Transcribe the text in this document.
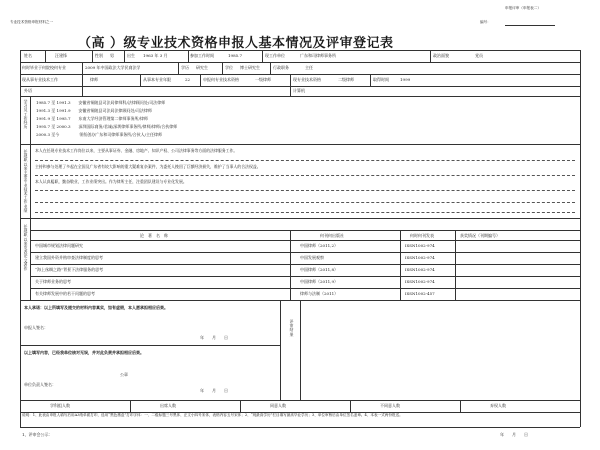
申报评审（申报表二）
专业技术资格申报材料之一	编号：
（高 ）级专业技术资格申报人基本情况及评审登记表
姓名	汪建锋	性别 男	出生 1963 年 3 月	参加工作时间	1985.7	现工作单位	广东和司律师事务所	政治面貌	党员
何时毕业于何院校何专业	2009 年中国政法大学民商法学	学历 研究生	学位 博士研究生	行政职务	主任
现从事专业技术工作	律师	从事本专业年限	22	申报何专业技术资格	一级律师	现专业技术资格	二级律师	取得时间	1999
外语	计算机
学习及工作经历
1985.7 至 1991.3　　安徽省铜陵县司法局律师科/法律顾问处/司法律师
1991.3 至 1991.9　　安徽省铜陵县司法局法律顾问处/司法律师
1991.9 至 1995.7　　东南大学经济管理第二律师事务所/律师
1995.7 至 2000.3　　深圳国际商务/君诚/深圳律师事务所/律师/律师/合伙律师
2000.3 至今　　　　　领衔创办广东和司律师事务所/合伙人/主任律师
任现职以来主要专业技术工作业绩
本人在任现专业技术工作岗位以来，主要从事证券、金融、房地产、知识产权、公司法律事务等方面的法律服务工作。
主持和参与处理了多起在全国及广东省有较大影响的重大疑难复杂案件，为委托人挽回了巨额经济损失，维护了当事人的合法权益。
本人认真履职，勤奋敬业，工作业绩突出。作为律所主任，注重团队建设与专业化发展。
任现职以来发表论文著作
论　著　名　称	何刊何出版社	何时何刊发表	获奖情况（刊期编号）
中国城市规划法律问题研究	中国律师（2011,2）	ISSN1002-974
建立我国外资并购审查法律制度的思考	中国发展观察	ISSN1002-974
“海上丝绸之路”背景下法律服务的思考	中国律师（2011,8）	ISSN1002-974
关于律师业务的思考	中国律师（2011,9）	ISSN1002-974
有关律师发展中的若干问题的思考	律师与法制（2011）	ISSN1002-457
本人承诺：以上所填写及提交的材料内容真实，如有虚假，本人愿承担相应后果。
申报人签名：
年　　月　　日
以上填写内容，已经我单位核对无误，并对此负责并承担相应后果。
公章
单位负责人签名：
年　　月　　日
评审结果
学科组人数	出席人数	同意人数	不同意人数	弃权人数
说明：1、此表由申报人填写后用A3纸单面打印，选用“黑色墨盒”打印字体：一、二级标题三号黑体、正文小四号宋体，表格内容五号宋体；2、“现最高学历”栏目填写最高毕业学历；3、单位审核后由单位签名盖章。4、本表一式两份报送。
1、评审会公示：	年　　月　　日
